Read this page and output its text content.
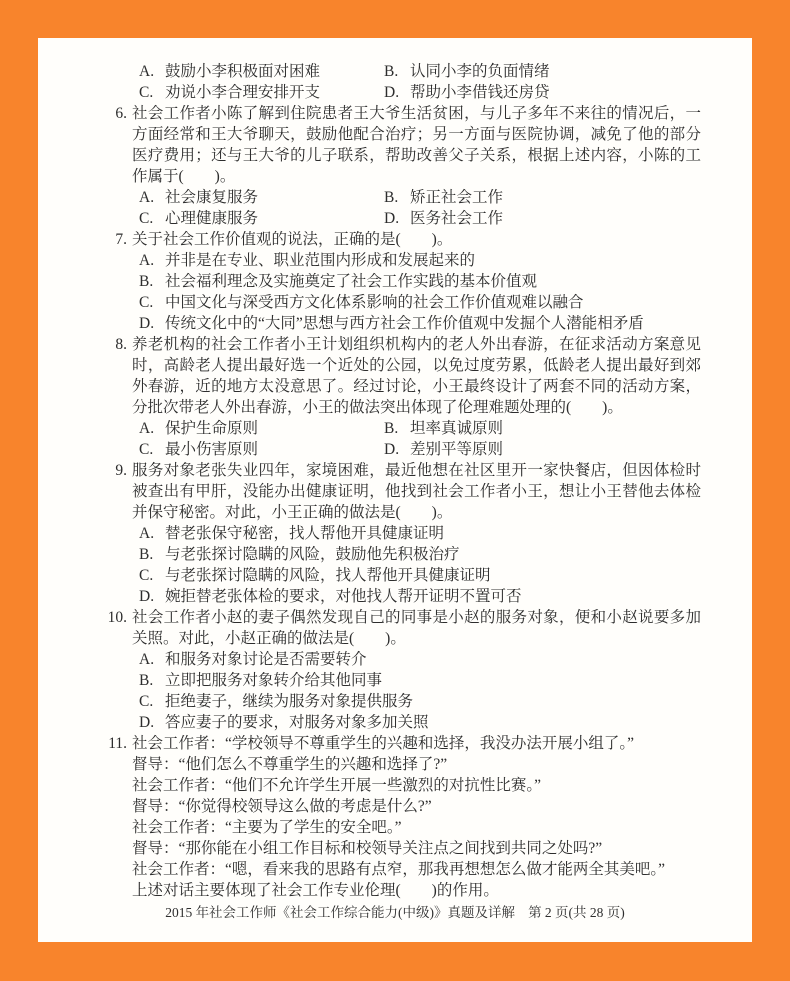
A. 鼓励小李积极面对困难	B. 认同小李的负面情绪
C. 劝说小李合理安排开支	D. 帮助小李借钱还房贷
6. 社会工作者小陈了解到住院患者王大爷生活贫困，与儿子多年不来往的情况后，一方面经常和王大爷聊天，鼓励他配合治疗；另一方面与医院协调，减免了他的部分医疗费用；还与王大爷的儿子联系，帮助改善父子关系，根据上述内容，小陈的工作属于(　　)。
A. 社会康复服务	B. 矫正社会工作
C. 心理健康服务	D. 医务社会工作
7. 关于社会工作价值观的说法，正确的是(　　)。
A. 并非是在专业、职业范围内形成和发展起来的
B. 社会福利理念及实施奠定了社会工作实践的基本价值观
C. 中国文化与深受西方文化体系影响的社会工作价值观难以融合
D. 传统文化中的“大同”思想与西方社会工作价值观中发掘个人潜能相矛盾
8. 养老机构的社会工作者小王计划组织机构内的老人外出春游，在征求活动方案意见时，高龄老人提出最好选一个近处的公园，以免过度劳累，低龄老人提出最好到郊外春游，近的地方太没意思了。经过讨论，小王最终设计了两套不同的活动方案，分批次带老人外出春游，小王的做法突出体现了伦理难题处理的(　　)。
A. 保护生命原则	B. 坦率真诚原则
C. 最小伤害原则	D. 差别平等原则
9. 服务对象老张失业四年，家境困难，最近他想在社区里开一家快餐店，但因体检时被查出有甲肝，没能办出健康证明，他找到社会工作者小王，想让小王替他去体检并保守秘密。对此，小王正确的做法是(　　)。
A. 替老张保守秘密，找人帮他开具健康证明
B. 与老张探讨隐瞒的风险，鼓励他先积极治疗
C. 与老张探讨隐瞒的风险，找人帮他开具健康证明
D. 婉拒替老张体检的要求，对他找人帮开证明不置可否
10. 社会工作者小赵的妻子偶然发现自己的同事是小赵的服务对象，便和小赵说要多加关照。对此，小赵正确的做法是(　　)。
A. 和服务对象讨论是否需要转介
B. 立即把服务对象转介给其他同事
C. 拒绝妻子，继续为服务对象提供服务
D. 答应妻子的要求，对服务对象多加关照
11. 社会工作者：“学校领导不尊重学生的兴趣和选择，我没办法开展小组了。”
督导：“他们怎么不尊重学生的兴趣和选择了?”
社会工作者：“他们不允许学生开展一些激烈的对抗性比赛。”
督导：“你觉得校领导这么做的考虑是什么?”
社会工作者：“主要为了学生的安全吧。”
督导：“那你能在小组工作目标和校领导关注点之间找到共同之处吗?”
社会工作者：“嗯，看来我的思路有点窄，那我再想想怎么做才能两全其美吧。”
上述对话主要体现了社会工作专业伦理(　　)的作用。
2015 年社会工作师《社会工作综合能力(中级)》真题及详解 第 2 页(共 28 页)
